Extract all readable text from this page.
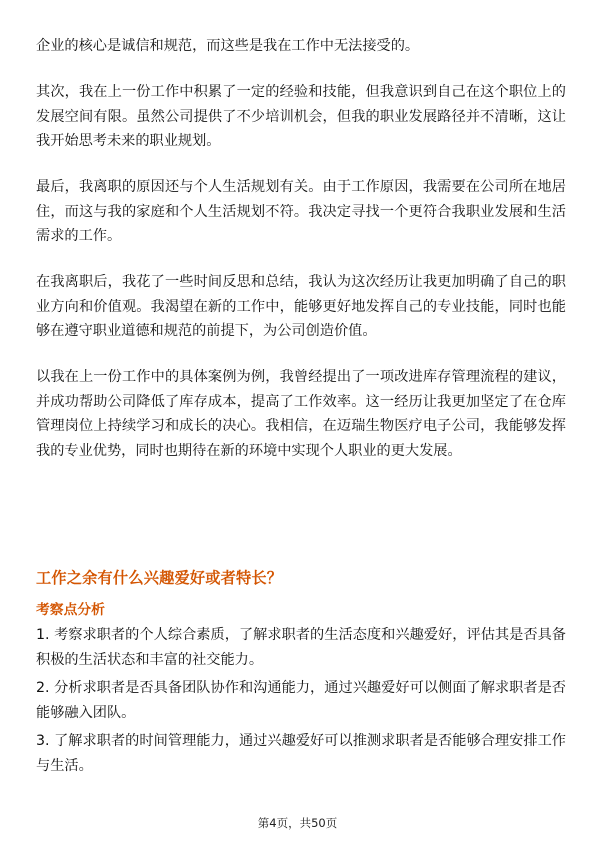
企业的核心是诚信和规范，而这些是我在工作中无法接受的。

其次，我在上一份工作中积累了一定的经验和技能，但我意识到自己在这个职位上的发展空间有限。虽然公司提供了不少培训机会，但我的职业发展路径并不清晰，这让我开始思考未来的职业规划。

最后，我离职的原因还与个人生活规划有关。由于工作原因，我需要在公司所在地居住，而这与我的家庭和个人生活规划不符。我决定寻找一个更符合我职业发展和生活需求的工作。

在我离职后，我花了一些时间反思和总结，我认为这次经历让我更加明确了自己的职业方向和价值观。我渴望在新的工作中，能够更好地发挥自己的专业技能，同时也能够在遵守职业道德和规范的前提下，为公司创造价值。

以我在上一份工作中的具体案例为例，我曾经提出了一项改进库存管理流程的建议，并成功帮助公司降低了库存成本，提高了工作效率。这一经历让我更加坚定了在仓库管理岗位上持续学习和成长的决心。我相信，在迈瑞生物医疗电子公司，我能够发挥我的专业优势，同时也期待在新的环境中实现个人职业的更大发展。

工作之余有什么兴趣爱好或者特长？
考察点分析

1. 考察求职者的个人综合素质，了解求职者的生活态度和兴趣爱好，评估其是否具备积极的生活状态和丰富的社交能力。

2. 分析求职者是否具备团队协作和沟通能力，通过兴趣爱好可以侧面了解求职者是否能够融入团队。

3. 了解求职者的时间管理能力，通过兴趣爱好可以推测求职者是否能够合理安排工作与生活。

第4页，共50页
